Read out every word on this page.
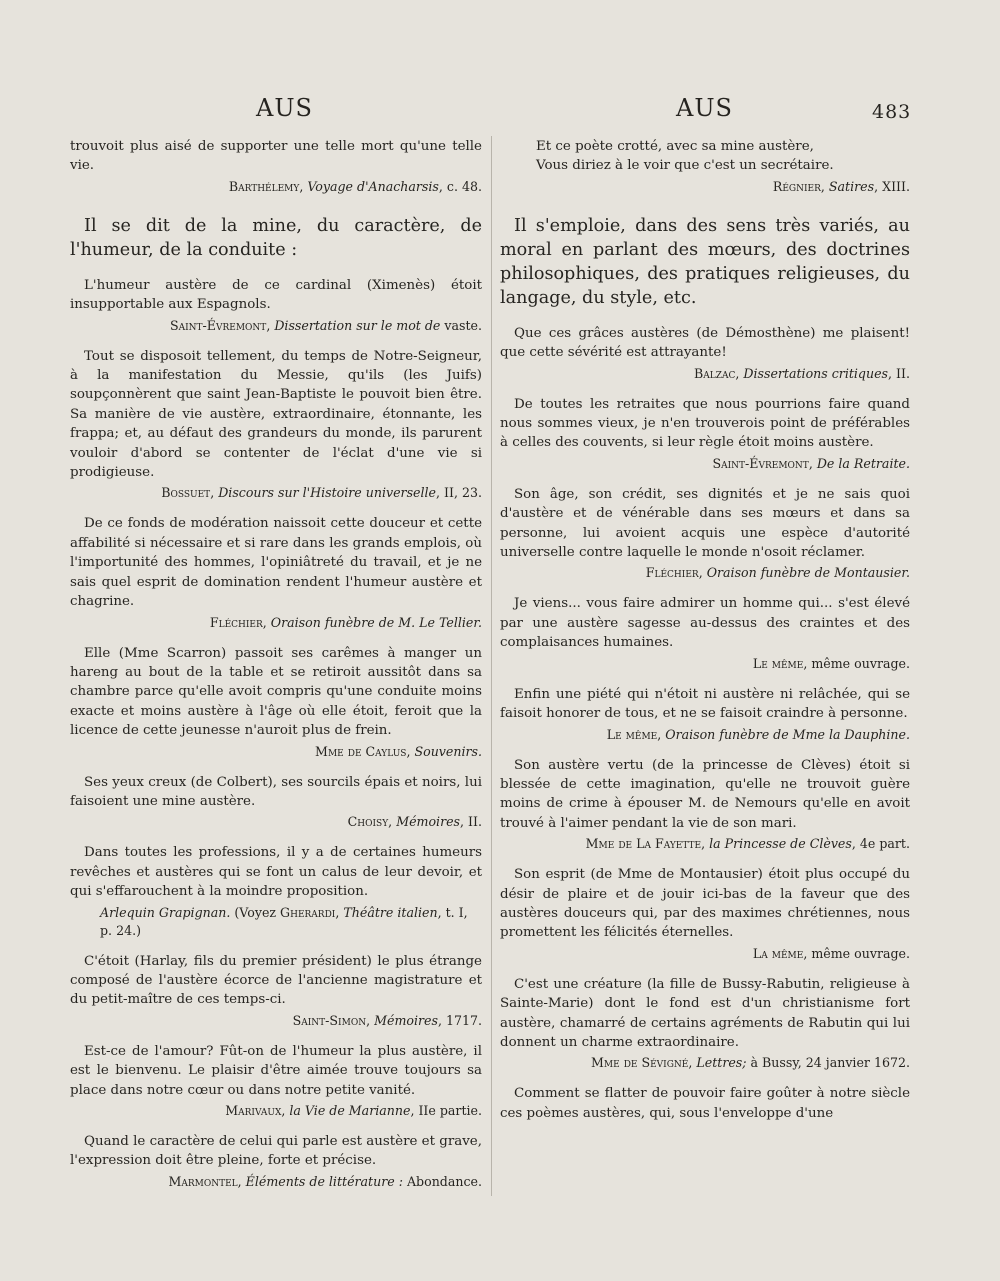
AUS	AUS	483

trouvoit plus aisé de supporter une telle mort qu'une telle vie.

Barthélemy, Voyage d'Anacharsis, c. 48.

Il se dit de la mine, du caractère, de l'humeur, de la conduite :

L'humeur austère de ce cardinal (Ximenès) étoit insupportable aux Espagnols.

Saint-Évremont, Dissertation sur le mot de vaste.

Tout se disposoit tellement, du temps de Notre-Seigneur, à la manifestation du Messie, qu'ils (les Juifs) soupçonnèrent que saint Jean-Baptiste le pouvoit bien être. Sa manière de vie austère, extraordinaire, étonnante, les frappa; et, au défaut des grandeurs du monde, ils parurent vouloir d'abord se contenter de l'éclat d'une vie si prodigieuse.

Bossuet, Discours sur l'Histoire universelle, II, 23.

De ce fonds de modération naissoit cette douceur et cette affabilité si nécessaire et si rare dans les grands emplois, où l'importunité des hommes, l'opiniâtreté du travail, et je ne sais quel esprit de domination rendent l'humeur austère et chagrine.

Fléchier, Oraison funèbre de M. Le Tellier.

Elle (Mme Scarron) passoit ses carêmes à manger un hareng au bout de la table et se retiroit aussitôt dans sa chambre parce qu'elle avoit compris qu'une conduite moins exacte et moins austère à l'âge où elle étoit, feroit que la licence de cette jeunesse n'auroit plus de frein.

Mme de Caylus, Souvenirs.

Ses yeux creux (de Colbert), ses sourcils épais et noirs, lui faisoient une mine austère.

Choisy, Mémoires, II.

Dans toutes les professions, il y a de certaines humeurs revêches et austères qui se font un calus de leur devoir, et qui s'effarouchent à la moindre proposition.

Arlequin Grapignan. (Voyez Gherardi, Théâtre italien, t. I, p. 24.)

C'étoit (Harlay, fils du premier président) le plus étrange composé de l'austère écorce de l'ancienne magistrature et du petit-maître de ces temps-ci.

Saint-Simon, Mémoires, 1717.

Est-ce de l'amour? Fût-on de l'humeur la plus austère, il est le bienvenu. Le plaisir d'être aimée trouve toujours sa place dans notre cœur ou dans notre petite vanité.

Marivaux, la Vie de Marianne, IIe partie.

Quand le caractère de celui qui parle est austère et grave, l'expression doit être pleine, forte et précise.

Marmontel, Éléments de littérature : Abondance.

Et ce poète crotté, avec sa mine austère,

Vous diriez à le voir que c'est un secrétaire.

Régnier, Satires, XIII.

Il s'emploie, dans des sens très variés, au moral en parlant des mœurs, des doctrines philosophiques, des pratiques religieuses, du langage, du style, etc.

Que ces grâces austères (de Démosthène) me plaisent! que cette sévérité est attrayante!

Balzac, Dissertations critiques, II.

De toutes les retraites que nous pourrions faire quand nous sommes vieux, je n'en trouverois point de préférables à celles des couvents, si leur règle étoit moins austère.

Saint-Évremont, De la Retraite.

Son âge, son crédit, ses dignités et je ne sais quoi d'austère et de vénérable dans ses mœurs et dans sa personne, lui avoient acquis une espèce d'autorité universelle contre laquelle le monde n'osoit réclamer.

Fléchier, Oraison funèbre de Montausier.

Je viens... vous faire admirer un homme qui... s'est élevé par une austère sagesse au-dessus des craintes et des complaisances humaines.

Le même, même ouvrage.

Enfin une piété qui n'étoit ni austère ni relâchée, qui se faisoit honorer de tous, et ne se faisoit craindre à personne.

Le même, Oraison funèbre de Mme la Dauphine.

Son austère vertu (de la princesse de Clèves) étoit si blessée de cette imagination, qu'elle ne trouvoit guère moins de crime à épouser M. de Nemours qu'elle en avoit trouvé à l'aimer pendant la vie de son mari.

Mme de La Fayette, la Princesse de Clèves, 4e part.

Son esprit (de Mme de Montausier) étoit plus occupé du désir de plaire et de jouir ici-bas de la faveur que des austères douceurs qui, par des maximes chrétiennes, nous promettent les félicités éternelles.

La même, même ouvrage.

C'est une créature (la fille de Bussy-Rabutin, religieuse à Sainte-Marie) dont le fond est d'un christianisme fort austère, chamarré de certains agréments de Rabutin qui lui donnent un charme extraordinaire.

Mme de Sévigné, Lettres; à Bussy, 24 janvier 1672.

Comment se flatter de pouvoir faire goûter à notre siècle ces poèmes austères, qui, sous l'enveloppe d'une
